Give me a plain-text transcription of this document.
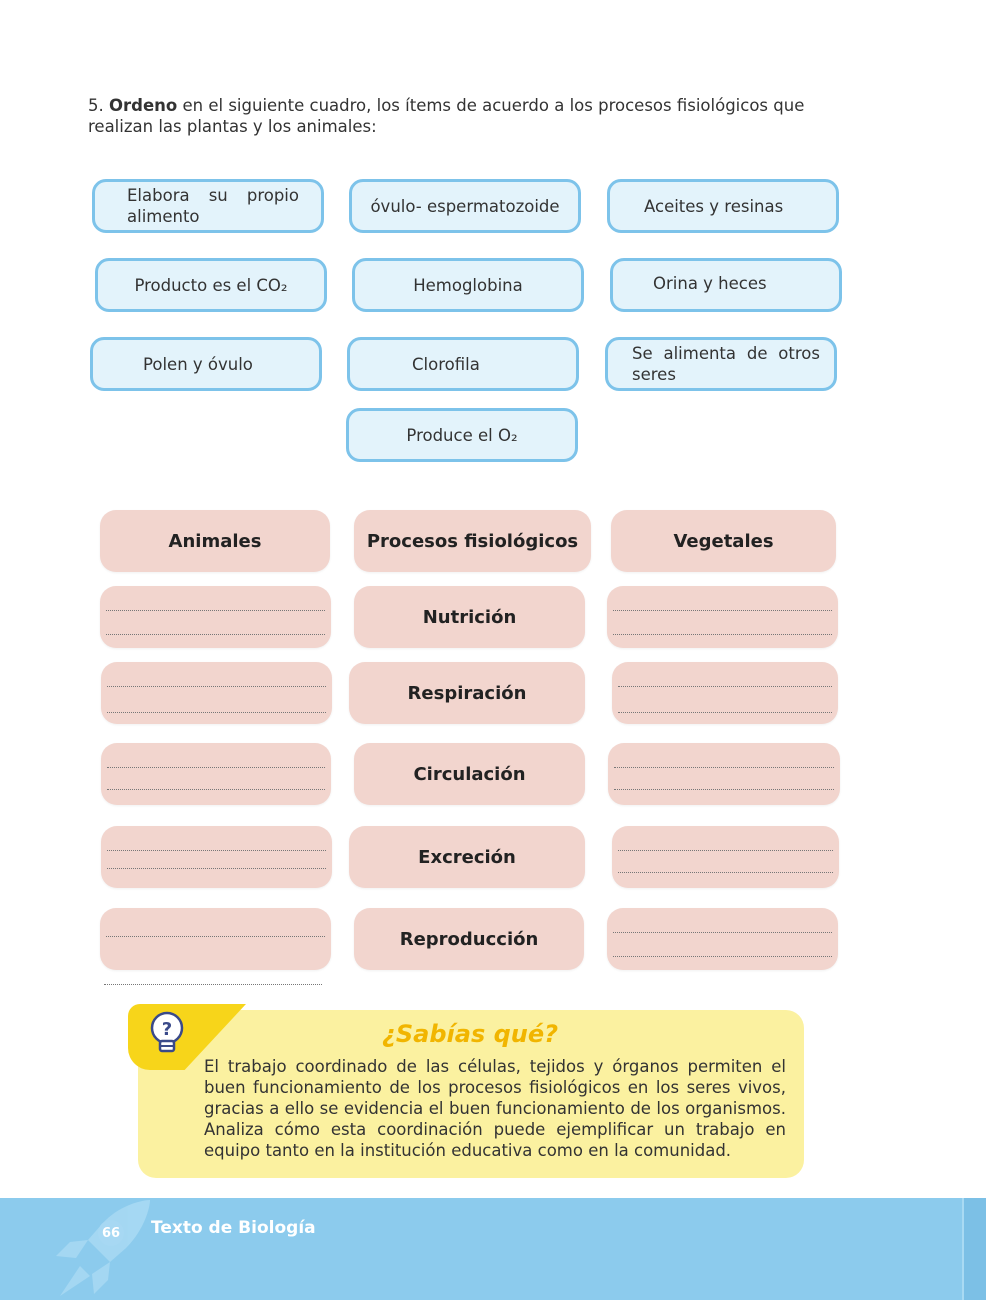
5. Ordeno en el siguiente cuadro, los ítems de acuerdo a los procesos fisiológicos que realizan las plantas y los animales:
Elabora su propio alimento
óvulo- espermatozoide	Aceites y resinas
Producto es el CO₂	Hemoglobina	Orina y heces
Polen y óvulo	Clorofila
Se alimenta de otros seres
Produce el O₂
Animales	Procesos fisiológicos	Vegetales
Nutrición
Respiración
Circulación
Excreción
Reproducción
?	¿Sabías qué?
El trabajo coordinado de las células, tejidos y órganos permiten el buen funcionamiento de los procesos fisiológicos en los seres vivos, gracias a ello se evidencia el buen funcionamiento de los organismos. Analiza cómo esta coordinación puede ejemplificar un trabajo en equipo tanto en la institución educativa como en la comunidad.
66 Texto de Biología
